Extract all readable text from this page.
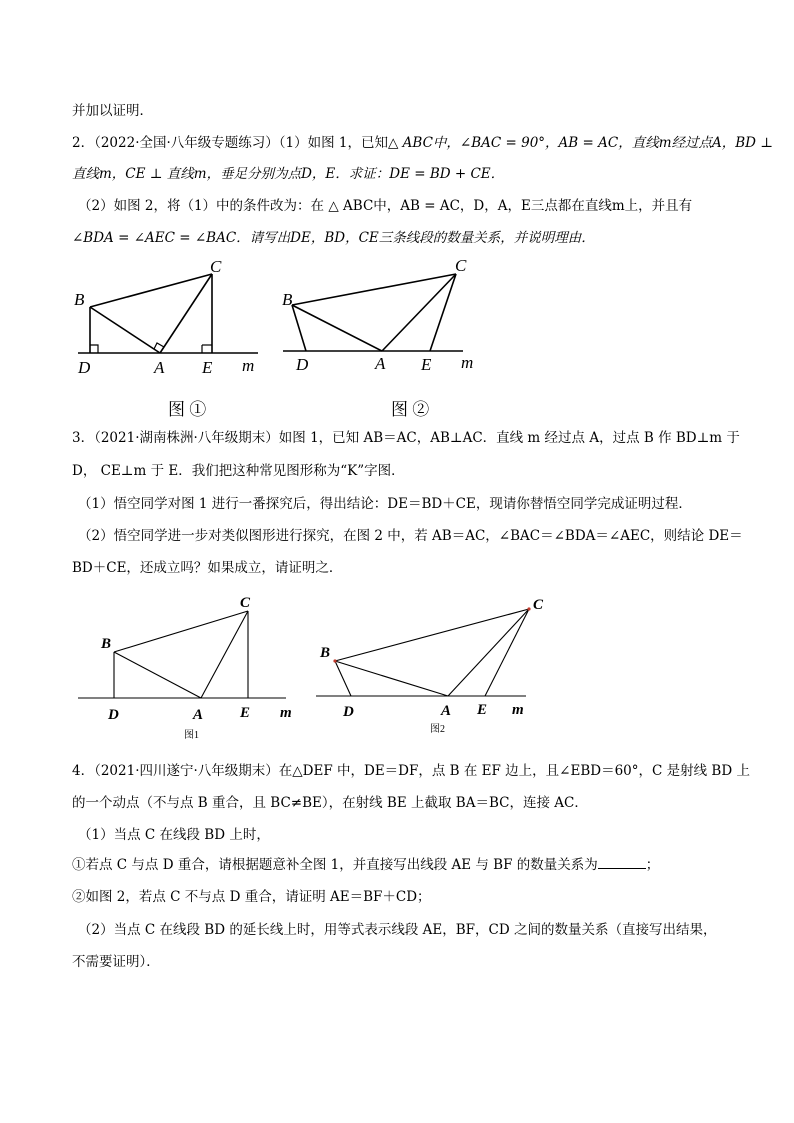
并加以证明．
2．（2022·全国·八年级专题练习）（1）如图 1，已知△ ABC中，∠BAC = 90°，AB = AC，直线m经过点A，BD ⊥
直线m，CE ⊥ 直线m，垂足分别为点D，E．求证：DE = BD + CE．
（2）如图 2，将（1）中的条件改为：在 △ ABC中，AB = AC，D，A，E三点都在直线m上，并且有
∠BDA = ∠AEC = ∠BAC．请写出DE，BD，CE三条线段的数量关系，并说明理由．
B
C
D	A E m
B
C
D	A E m
图 ①	图 ②
3．（2021·湖南株洲·八年级期末）如图 1，已知 AB＝AC，AB⊥AC．直线 m 经过点 A，过点 B 作 BD⊥m 于
D， CE⊥m 于 E．我们把这种常见图形称为“K”字图．
（1）悟空同学对图 1 进行一番探究后，得出结论：DE＝BD＋CE，现请你替悟空同学完成证明过程．
（2）悟空同学进一步对类似图形进行探究，在图 2 中，若 AB＝AC，∠BAC＝∠BDA＝∠AEC，则结论 DE＝
BD＋CE，还成立吗？如果成立，请证明之．
B
C
D	A E m
图1
B
C
D	A E m
图2
4．（2021·四川遂宁·八年级期末）在△DEF 中，DE＝DF，点 B 在 EF 边上，且∠EBD＝60°，C 是射线 BD 上
的一个动点（不与点 B 重合，且 BC≠BE），在射线 BE 上截取 BA＝BC，连接 AC．
（1）当点 C 在线段 BD 上时，
①若点 C 与点 D 重合，请根据题意补全图 1，并直接写出线段 AE 与 BF 的数量关系为	；
②如图 2，若点 C 不与点 D 重合，请证明 AE＝BF＋CD；
（2）当点 C 在线段 BD 的延长线上时，用等式表示线段 AE，BF，CD 之间的数量关系（直接写出结果，
不需要证明）．
